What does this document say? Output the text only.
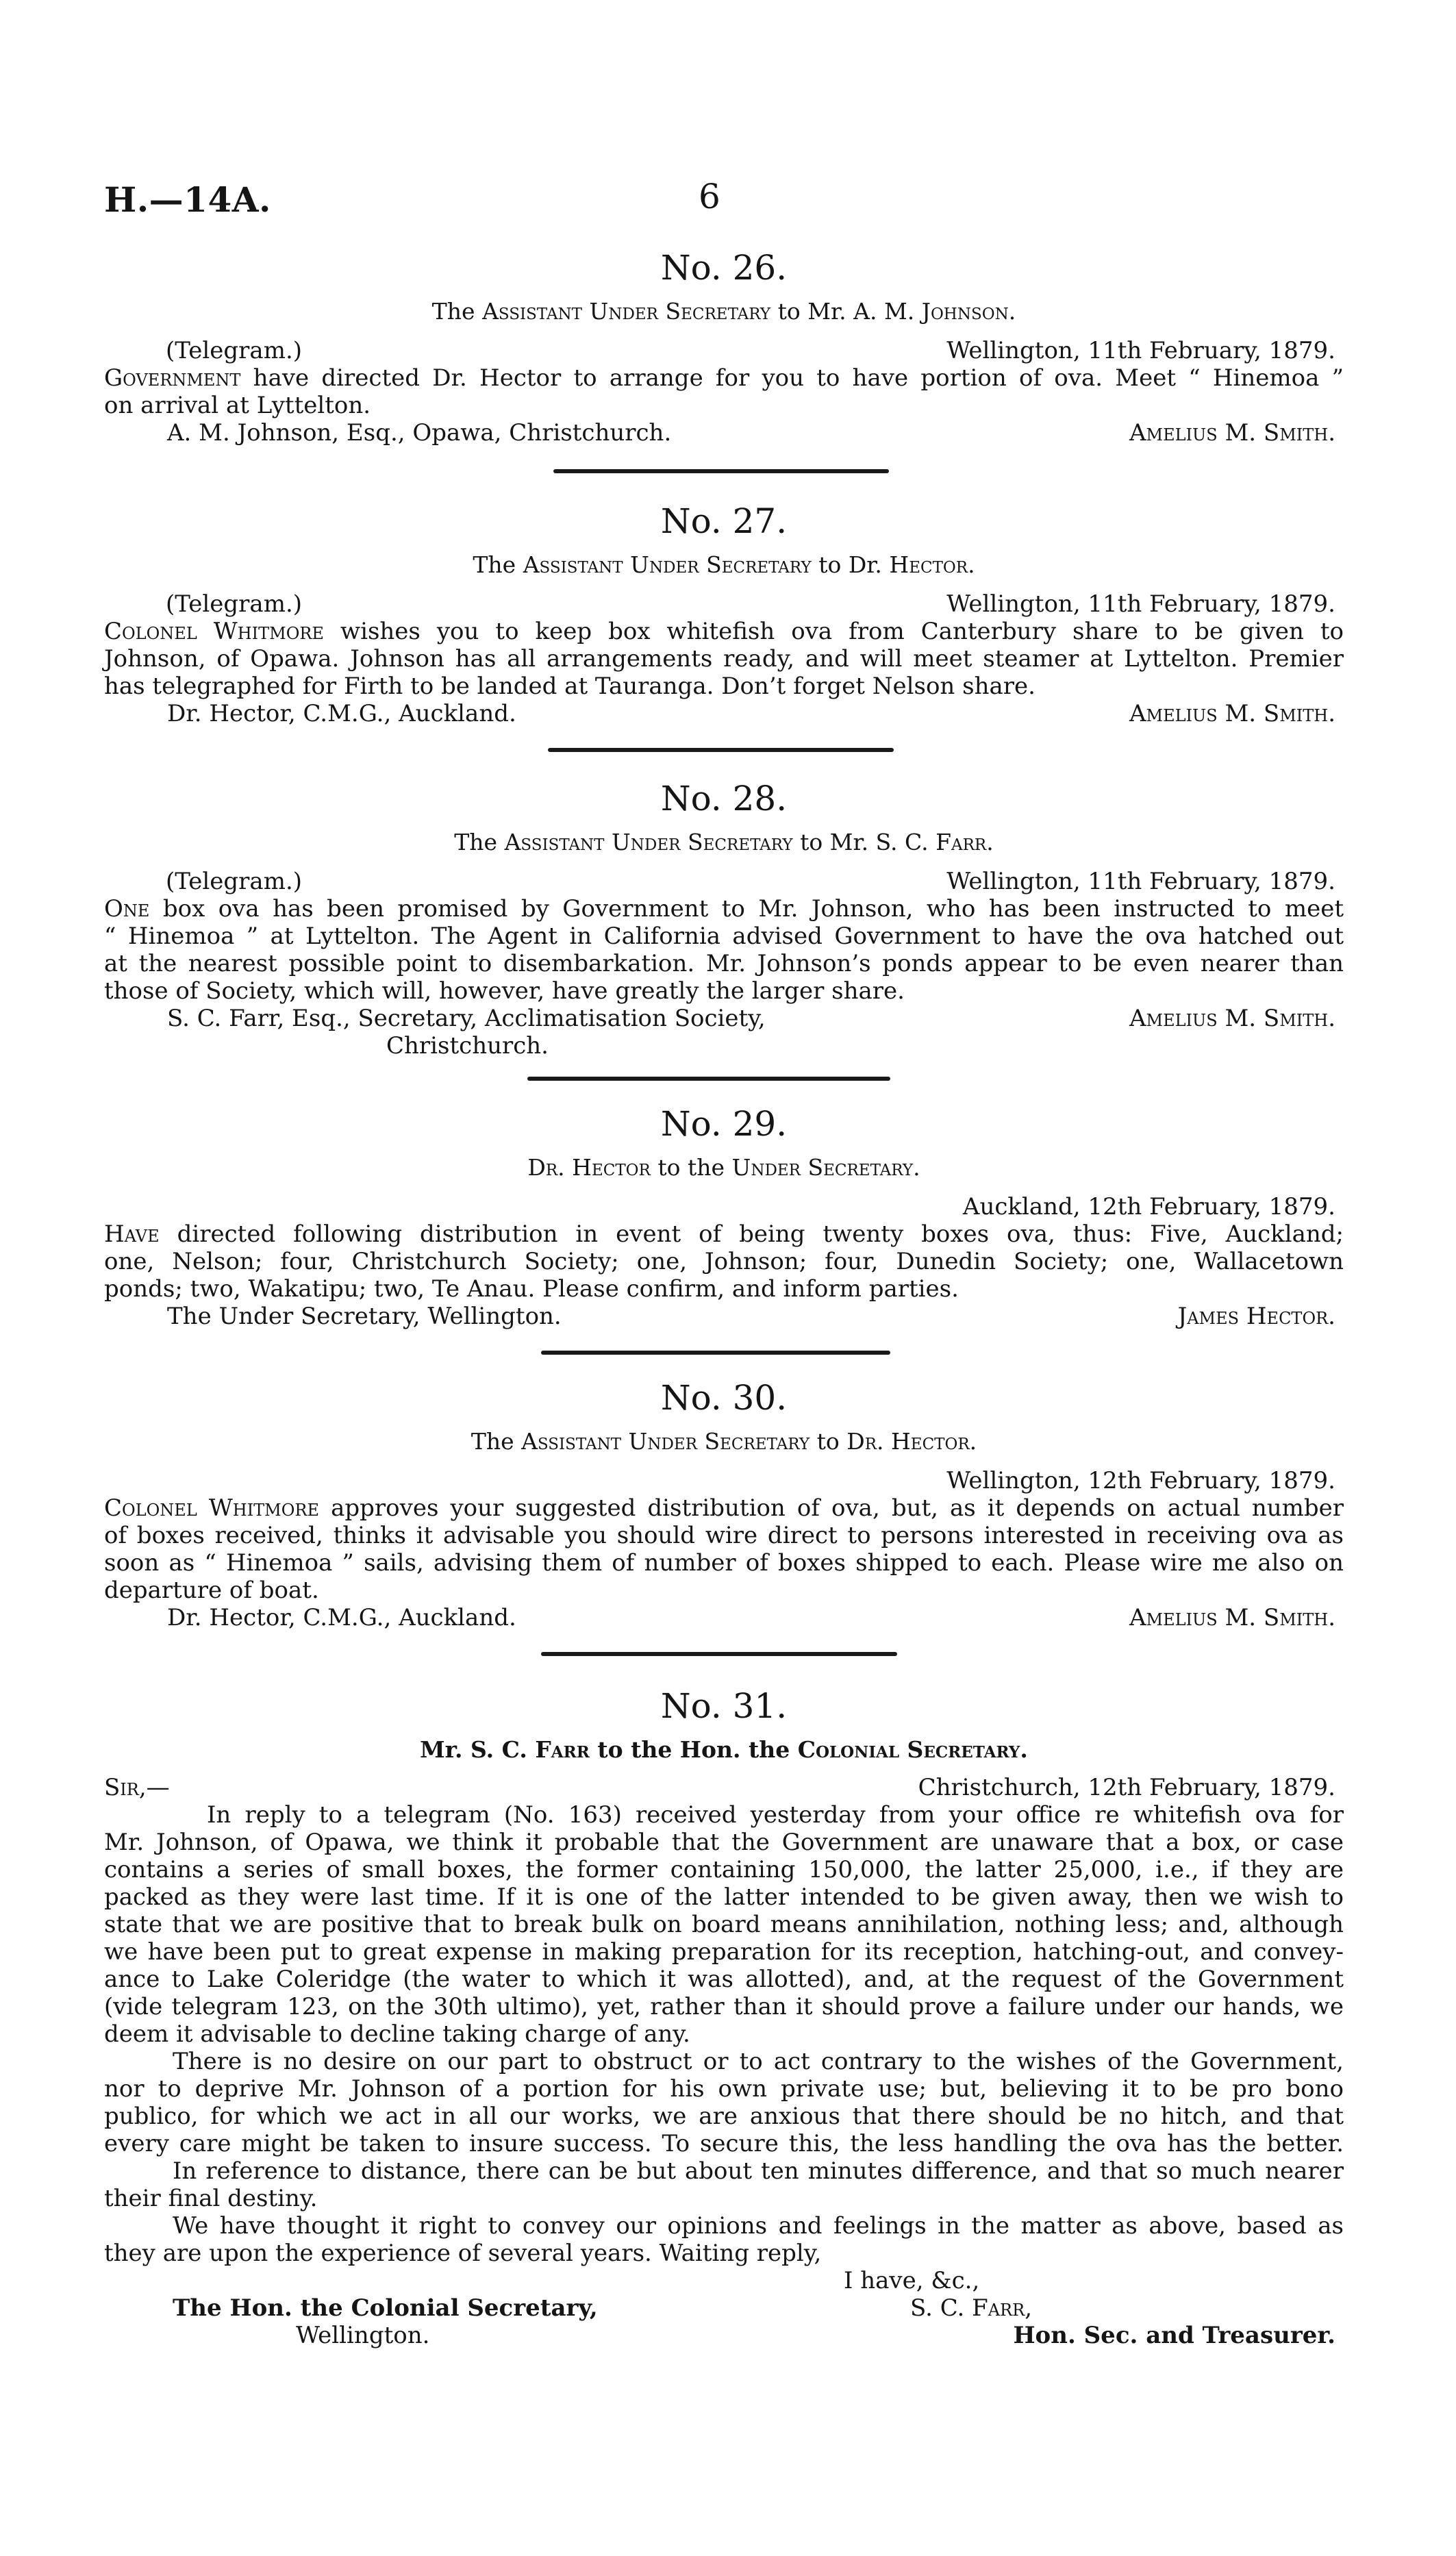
H.—14A.	6
No. 26.
The Assistant Under Secretary to Mr. A. M. Johnson.
(Telegram.)	Wellington, 11th February, 1879.
Government have directed Dr. Hector to arrange for you to have portion of ova. Meet “ Hinemoa ”
on arrival at Lyttelton.
A. M. Johnson, Esq., Opawa, Christchurch.	Amelius M. Smith.
No. 27.
The Assistant Under Secretary to Dr. Hector.
(Telegram.)	Wellington, 11th February, 1879.
Colonel Whitmore wishes you to keep box whitefish ova from Canterbury share to be given to
Johnson, of Opawa. Johnson has all arrangements ready, and will meet steamer at Lyttelton. Premier
has telegraphed for Firth to be landed at Tauranga. Don’t forget Nelson share.
Dr. Hector, C.M.G., Auckland.	Amelius M. Smith.
No. 28.
The Assistant Under Secretary to Mr. S. C. Farr.
(Telegram.)	Wellington, 11th February, 1879.
One box ova has been promised by Government to Mr. Johnson, who has been instructed to meet
“ Hinemoa ” at Lyttelton. The Agent in California advised Government to have the ova hatched out
at the nearest possible point to disembarkation. Mr. Johnson’s ponds appear to be even nearer than
those of Society, which will, however, have greatly the larger share.
S. C. Farr, Esq., Secretary, Acclimatisation Society,	Amelius M. Smith.
Christchurch.
No. 29.
Dr. Hector to the Under Secretary.
Auckland, 12th February, 1879.
Have directed following distribution in event of being twenty boxes ova, thus: Five, Auckland;
one, Nelson; four, Christchurch Society; one, Johnson; four, Dunedin Society; one, Wallacetown
ponds; two, Wakatipu; two, Te Anau. Please confirm, and inform parties.
The Under Secretary, Wellington.	James Hector.
No. 30.
The Assistant Under Secretary to Dr. Hector.
Wellington, 12th February, 1879.
Colonel Whitmore approves your suggested distribution of ova, but, as it depends on actual number
of boxes received, thinks it advisable you should wire direct to persons interested in receiving ova as
soon as “ Hinemoa ” sails, advising them of number of boxes shipped to each. Please wire me also on
departure of boat.
Dr. Hector, C.M.G., Auckland.	Amelius M. Smith.
No. 31.
Mr. S. C. Farr to the Hon. the Colonial Secretary.
Sir,—	Christchurch, 12th February, 1879.
In reply to a telegram (No. 163) received yesterday from your office re whitefish ova for
Mr. Johnson, of Opawa, we think it probable that the Government are unaware that a box, or case
contains a series of small boxes, the former containing 150,000, the latter 25,000, i.e., if they are
packed as they were last time. If it is one of the latter intended to be given away, then we wish to
state that we are positive that to break bulk on board means annihilation, nothing less; and, although
we have been put to great expense in making preparation for its reception, hatching-out, and convey-
ance to Lake Coleridge (the water to which it was allotted), and, at the request of the Government
(vide telegram 123, on the 30th ultimo), yet, rather than it should prove a failure under our hands, we
deem it advisable to decline taking charge of any.
There is no desire on our part to obstruct or to act contrary to the wishes of the Government,
nor to deprive Mr. Johnson of a portion for his own private use; but, believing it to be pro bono
publico, for which we act in all our works, we are anxious that there should be no hitch, and that
every care might be taken to insure success. To secure this, the less handling the ova has the better.
In reference to distance, there can be but about ten minutes difference, and that so much nearer
their final destiny.
We have thought it right to convey our opinions and feelings in the matter as above, based as
they are upon the experience of several years. Waiting reply,
I have, &c.,
The Hon. the Colonial Secretary,	S. C. Farr,
Wellington.	Hon. Sec. and Treasurer.
